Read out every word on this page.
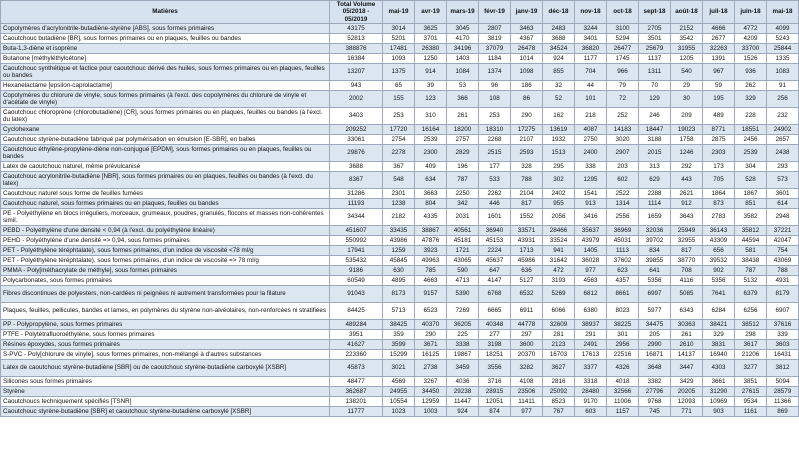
Matières	Total Volume 05/2018 - 05/2019	mai-19	avr-19	mars-19	févr-19	janv-19	déc-18	nov-18	oct-18	sept-18	août-18	juil-18	juin-18	mai-18
Copolymères d'acrylonitrile-butadiène-styrène [ABS], sous formes primaires	43175	3014	3625	3045	2807	3463	2483	3244	3100	2705	2152	4666	4772	4099
Caoutchouc butadiène [BR], sous formes primaires ou en plaques, feuilles ou bandes	52813	5201	3701	4170	3819	4367	3688	3401	5294	3501	3542	2677	4209	5243
Buta-1,3-diène et isoprène	388876	17481	26380	34196	37079	26478	34524	36820	26477	25679	31955	32263	33700	25844
Butanone [méthyléthylcétone]	16384	1093	1250	1403	1184	1014	924	1177	1745	1137	1205	1391	1526	1335
Caoutchouc synthétique et factice pour caoutchouc dérivé des huiles, sous formes primaires ou en plaques, feuilles ou bandes	13207	1375	914	1084	1374	1098	855	704	966	1311	540	967	936	1083
Hexanelactame [epsilon-caprolactame]	943	65	39	53	96	186	32	44	79	70	29	59	262	91
Copolymères du chlorure de vinyle, sous formes primaires (à l'excl. des copolymères du chlorure de vinyle et d'acétate de vinyle)	2002	155	123	366	108	86	52	101	72	129	30	195	329	256
Caoutchouc chloroprène (chlorobutadiène) [CR], sous formes primaires ou en plaques, feuilles ou bandes (à l'excl. du latex)	3403	253	310	261	253	290	162	218	252	246	209	489	228	232
Cyclohexane	209252	17720	16164	18200	18310	17275	13619	4087	14183	18447	19023	8771	18551	24902
Caoutchouc styrène-butadiène fabriqué par polymérisation en émulsion [E-SBR], en balles	33061	2754	2539	2757	2268	2107	1932	2750	3020	3188	1758	2875	2456	2657
Caoutchouc éthylène-propylène-diène non-conjugué [EPDM], sous formes primaires ou en plaques, feuilles ou bandes	29876	2278	2300	2829	2515	2593	1513	2400	2907	2015	1246	2303	2539	2438
Latex de caoutchouc naturel, même prévulcanisé	3688	367	409	196	177	328	295	338	203	313	292	173	304	293
Caoutchouc acrylonitrile-butadiène [NBR], sous formes primaires ou en plaques, feuilles ou bandes (à l'excl. du latex)	8367	548	634	787	533	788	302	1295	602	629	443	705	528	573
Caoutchouc naturel sous forme de feuilles fumées	31286	2301	3663	2250	2262	2104	2402	1541	2522	2288	2621	1864	1867	3601
Caoutchouc naturel, sous formes primaires ou en plaques, feuilles ou bandes	11193	1238	804	342	446	817	955	913	1314	1114	912	873	851	614
PE - Polyéthylène en blocs irréguliers, morceaux, grumeaux, poudres, granulés, flocons et masses non-cohérentes simil.	34344	2182	4335	2031	1601	1552	2056	3416	2556	1659	3643	2783	3582	2948
PEBD - Polyéthylène d'une densité < 0,94 (à l'excl. du polyéthylène linéaire)	451607	33435	38867	40561	36940	33571	28466	35637	36969	32036	25949	36143	35812	37221
PEHD - Polyéthylène d'une densité => 0,94, sous formes primaires	550992	43986	47876	45181	45153	43931	33524	43979	45031	39702	32955	43309	44594	42047
PET - Polyéthylène téréphtalate), sous formes primaires, d'un indice de viscosité <78 ml/g	17941	1259	3923	1721	2224	1713	941	1405	1113	834	817	656	581	754
PET - Polyéthylène téréphtalate), sous formes primaires, d'un indice de viscosité => 78 ml/g	535432	45845	49963	43065	45637	45986	31642	36028	37602	39855	38770	39532	38438	43069
PMMA - Poly[méthacrylate de méthyle], sous formes primaires	9186	630	785	590	647	636	472	977	623	641	708	902	787	788
Polycarbonates, sous formes primaires	60549	4895	4663	4713	4147	5127	3193	4563	4357	5356	4116	5356	5132	4931
Fibres discontinues de polyesters, non-cardées ni peignées ni autrement transformées pour la filature	91043	8173	9157	5390	6768	6532	5269	6812	8661	6997	5085	7641	6379	8179
Plaques, feuilles, pellicules, bandes et lames, en polymères du styrène non-alvéolaires, non-renforcées ni stratifiées	84425	5713	6523	7269	6665	6911	6066	6380	8023	5977	6343	6284	6256	6907
PP - Polypropylène, sous formes primaires	489284	38425	40370	36205	40348	44778	32609	38937	38225	34475	30363	38421	38512	37616
PTFE - Polytétrafluoroéthylène, sous formes primaires	3951	359	290	225	277	297	281	291	301	205	261	329	298	339
Résines époxydes, sous formes primaires	41627	3599	3671	3338	3198	3600	2123	2491	2956	2990	2610	3831	3617	3603
S-PVC - Poly[chlorure de vinyle], sous formes primaires, non-mélangé à d'autres substances	223360	15299	16125	19867	18251	20370	16703	17613	22516	16871	14137	16940	21206	16431
Latex de caoutchouc styrène-butadiène [SBR] ou de caoutchouc styrène-butadiène carboxylé [XSBR]	45873	3021	2738	3459	3556	3282	3627	3377	4326	3648	3447	4303	3277	3812
Silicones sous formes primaires	48477	4569	3267	4036	3716	4108	2816	3318	4018	3382	3429	3661	3851	5094
Styrène	362687	24955	34450	29238	28915	23506	25092	28480	32566	27796	20205	31290	27615	28579
Caoutchoucs techniquement spécifiés [TSNR]	138201	10554	12959	11447	12051	11411	8523	9170	11006	9768	12093	10969	9534	11366
Caoutchouc styrène-butadiène [SBR] et caoutchouc styrène-butadiène carboxylé [XSBR]	11777	1023	1003	924	874	977	767	603	1157	745	771	903	1161	869
